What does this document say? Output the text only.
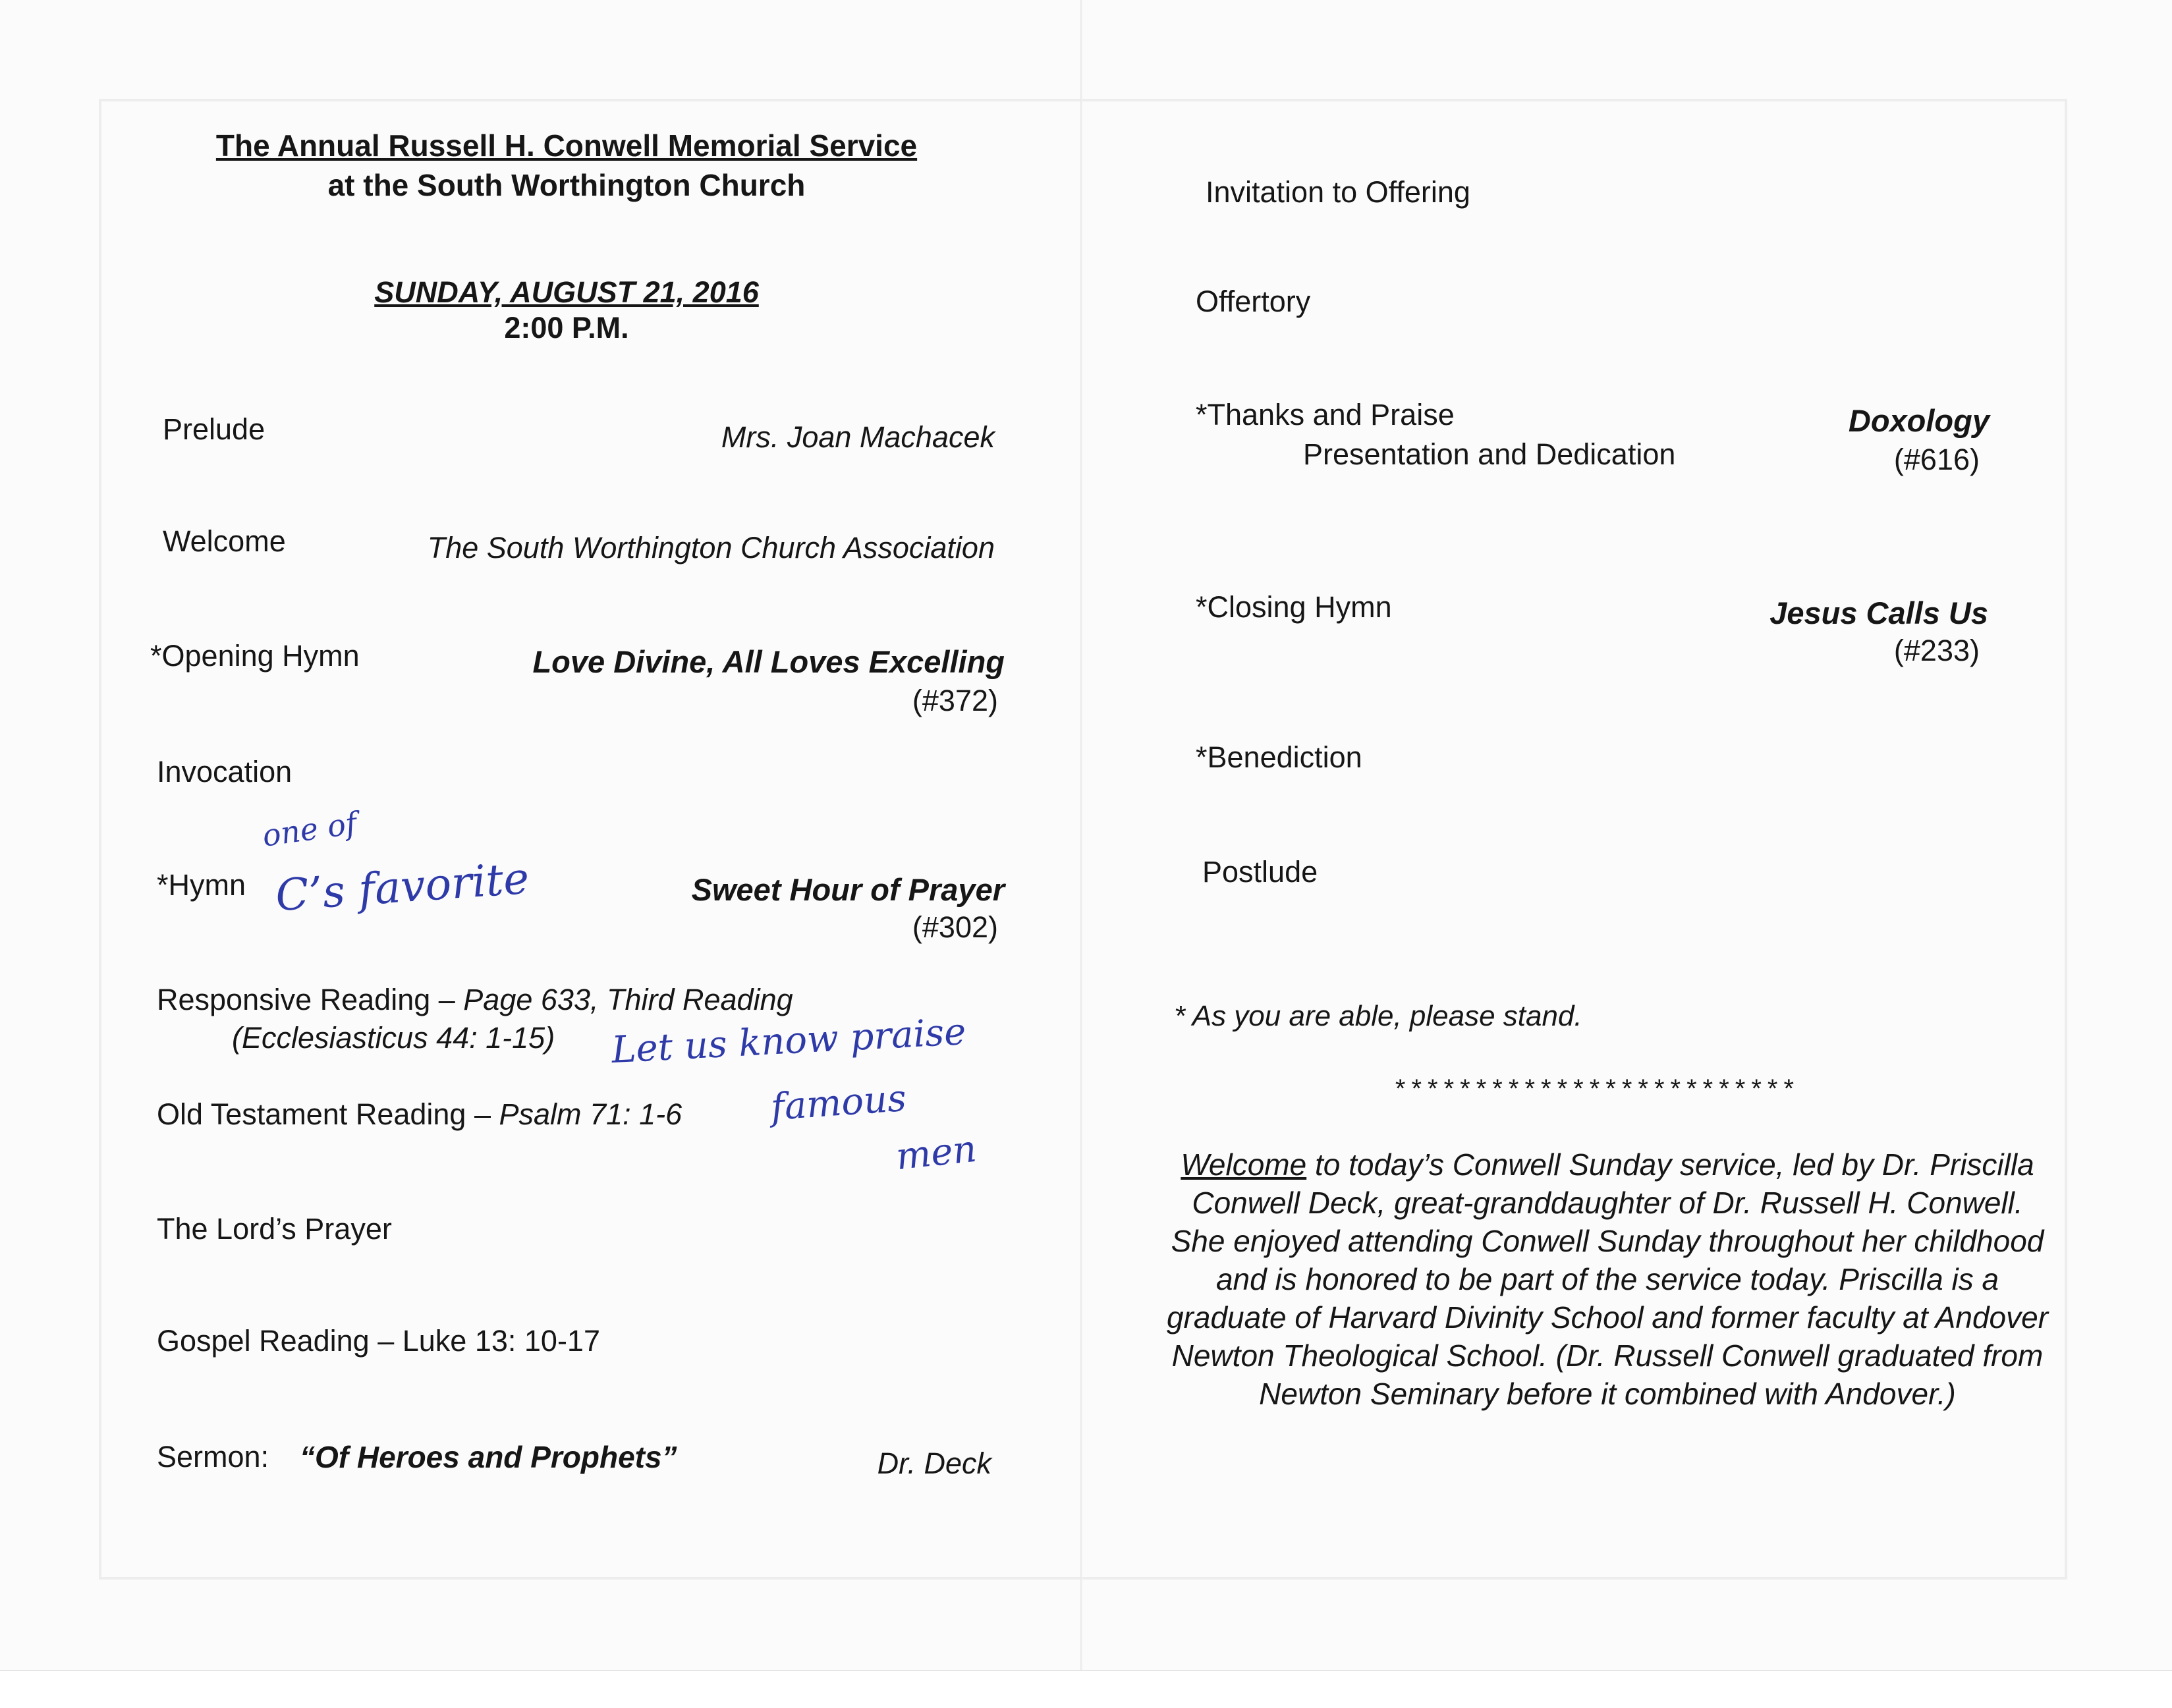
The Annual Russell H. Conwell Memorial Service
at the South Worthington Church
SUNDAY, AUGUST 21, 2016
2:00 P.M.
Prelude	Mrs. Joan Machacek
Welcome	The South Worthington Church Association
*Opening Hymn	Love Divine, All Loves Excelling
(#372)
Invocation
*Hymn	Sweet Hour of Prayer
(#302)
Responsive Reading – Page 633, Third Reading
(Ecclesiasticus 44: 1-15)
Old Testament Reading – Psalm 71: 1-6
The Lord’s Prayer
Gospel Reading – Luke 13: 10-17
Sermon: “Of Heroes and Prophets”	Dr. Deck
one of
C’s favorite
Let us know praise
famous
men
Invitation to Offering
Offertory
*Thanks and Praise	Doxology
Presentation and Dedication	(#616)
*Closing Hymn	Jesus Calls Us
(#233)
*Benediction
Postlude
* As you are able, please stand.
*************************
Welcome to today’s Conwell Sunday service, led by Dr. Priscilla Conwell Deck, great-granddaughter of Dr. Russell H. Conwell. She enjoyed attending Conwell Sunday throughout her childhood and is honored to be part of the service today. Priscilla is a graduate of Harvard Divinity School and former faculty at Andover Newton Theological School. (Dr. Russell Conwell graduated from Newton Seminary before it combined with Andover.)
